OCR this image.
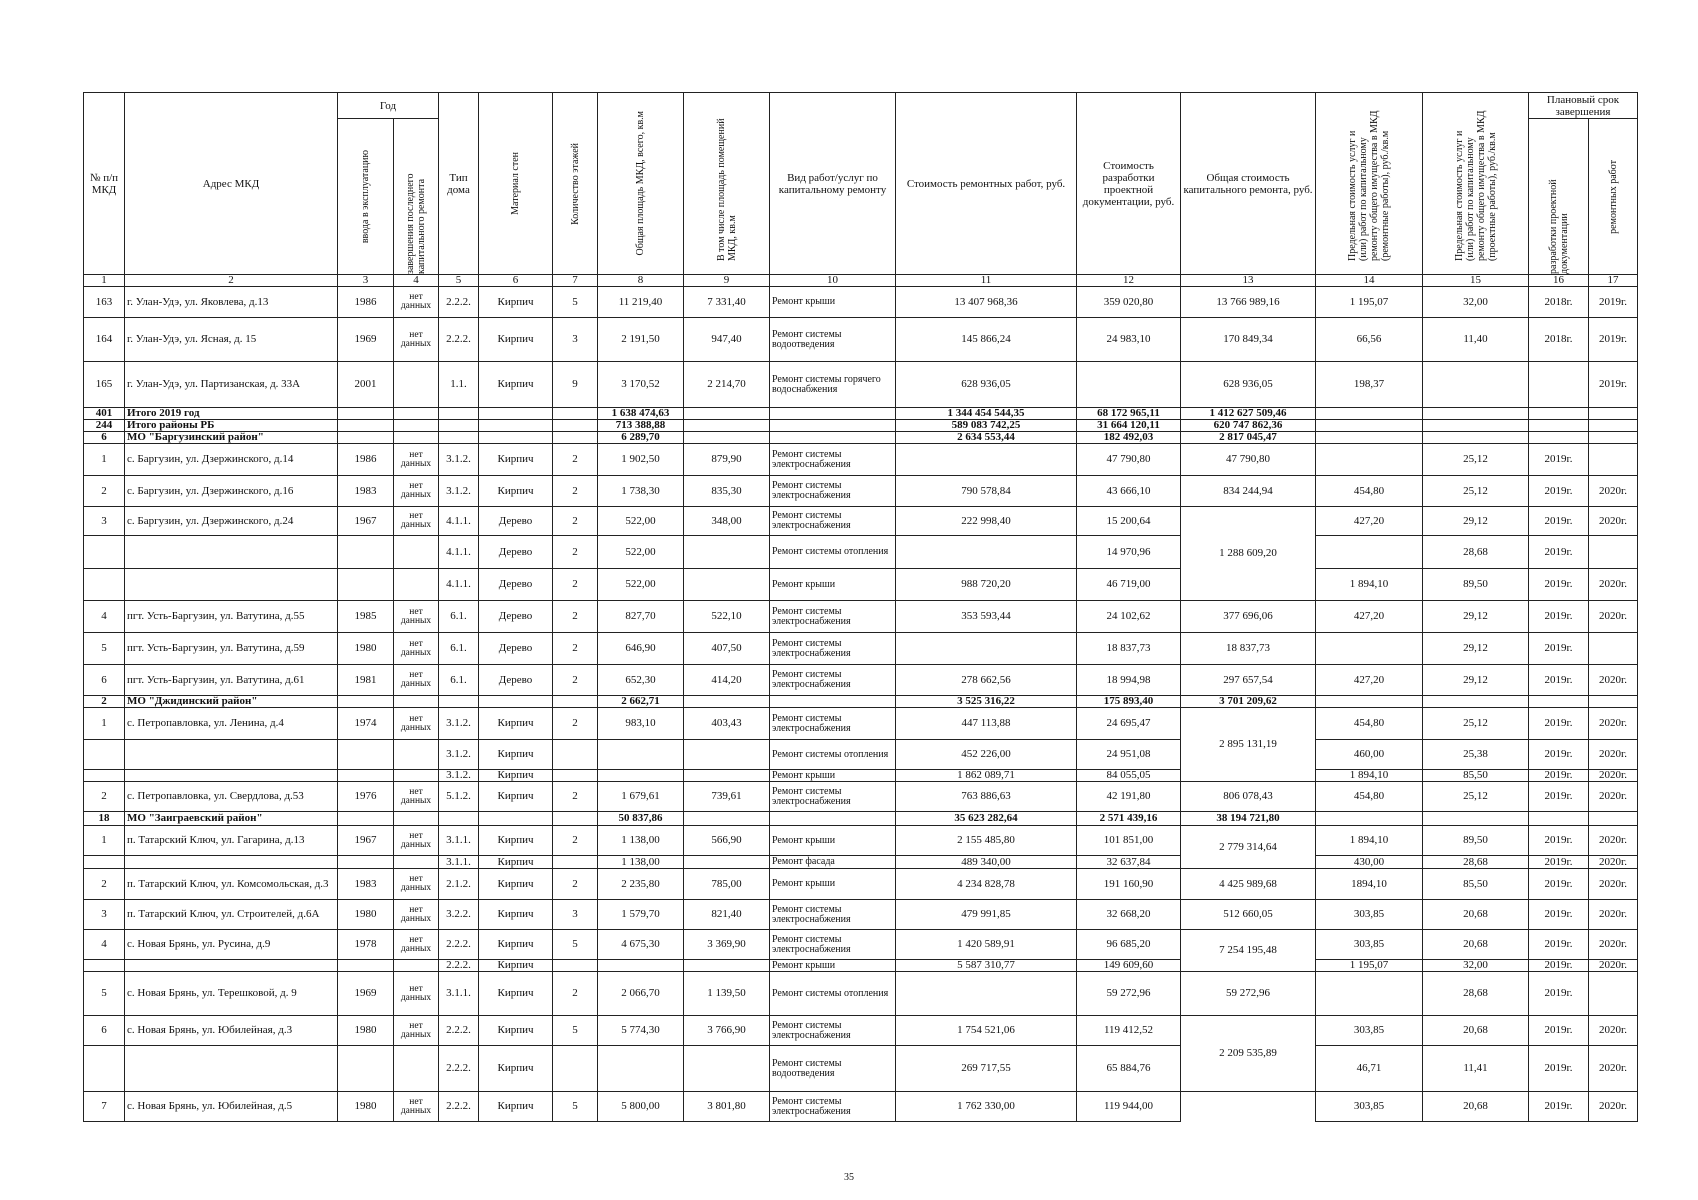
№ п/п МКД	Адрес МКД	Год		Тип дома	Материал стен	Количество этажей	Общая площадь МКД, всего, кв.м	В том числе площадь помещений МКД, кв.м	Вид работ/услуг по капитальному ремонту	Стоимость ремонтных работ, руб.	Стоимость разработки проектной документации, руб.	Общая стоимость капитального ремонта, руб.	Предельная стоимость услуг и (или) работ по капитальному ремонту общего имущества в МКД (ремонтные работы), руб./кв.м	Предельная стоимость услуг и (или) работ по капитальному ремонту общего имущества в МКД (проектные работы), руб./кв.м	Плановый срок завершения	

		ввода в эксплуатацию	завершения последнего капитального ремонта												разработки проектной документации	ремонтных работ

1	2	3	4	5	6	7	8	9	10	11	12	13	14	15	16	17
163	г. Улан-Удэ, ул. Яковлева, д.13	1986	нет данных	2.2.2.	Кирпич	5	11 219,40	7 331,40	Ремонт крыши	13 407 968,36	359 020,80	13 766 989,16	1 195,07	32,00	2018г.	2019г.
164	г. Улан-Удэ, ул. Ясная, д. 15	1969	нет данных	2.2.2.	Кирпич	3	2 191,50	947,40	Ремонт системы водоотведения	145 866,24	24 983,10	170 849,34	66,56	11,40	2018г.	2019г.
165	г. Улан-Удэ, ул. Партизанская, д. 33А	2001		1.1.	Кирпич	9	3 170,52	2 214,70	Ремонт системы горячего водоснабжения	628 936,05		628 936,05	198,37			2019г.
401	Итого 2019 год						1 638 474,63			1 344 454 544,35	68 172 965,11	1 412 627 509,46				
244	Итого районы РБ						713 388,88			589 083 742,25	31 664 120,11	620 747 862,36				
6	МО "Баргузинский район"						6 289,70			2 634 553,44	182 492,03	2 817 045,47				
1	с. Баргузин, ул. Дзержинского, д.14	1986	нет данных	3.1.2.	Кирпич	2	1 902,50	879,90	Ремонт системы электроснабжения		47 790,80	47 790,80		25,12	2019г.	
2	с. Баргузин, ул. Дзержинского, д.16	1983	нет данных	3.1.2.	Кирпич	2	1 738,30	835,30	Ремонт системы электроснабжения	790 578,84	43 666,10	834 244,94	454,80	25,12	2019г.	2020г.
3	с. Баргузин, ул. Дзержинского, д.24	1967	нет данных	4.1.1.	Дерево	2	522,00	348,00	Ремонт системы электроснабжения	222 998,40	15 200,64	1 288 609,20	427,20	29,12	2019г.	2020г.
				4.1.1.	Дерево	2	522,00		Ремонт системы отопления		14 970,96			28,68	2019г.	
				4.1.1.	Дерево	2	522,00		Ремонт крыши	988 720,20	46 719,00		1 894,10	89,50	2019г.	2020г.
4	пгт. Усть-Баргузин, ул. Ватутина, д.55	1985	нет данных	6.1.	Дерево	2	827,70	522,10	Ремонт системы электроснабжения	353 593,44	24 102,62	377 696,06	427,20	29,12	2019г.	2020г.
5	пгт. Усть-Баргузин, ул. Ватутина, д.59	1980	нет данных	6.1.	Дерево	2	646,90	407,50	Ремонт системы электроснабжения		18 837,73	18 837,73		29,12	2019г.	
6	пгт. Усть-Баргузин, ул. Ватутина, д.61	1981	нет данных	6.1.	Дерево	2	652,30	414,20	Ремонт системы электроснабжения	278 662,56	18 994,98	297 657,54	427,20	29,12	2019г.	2020г.
2	МО "Джидинский район"						2 662,71			3 525 316,22	175 893,40	3 701 209,62				
1	с. Петропавловка, ул. Ленина, д.4	1974	нет данных	3.1.2.	Кирпич	2	983,10	403,43	Ремонт системы электроснабжения	447 113,88	24 695,47	2 895 131,19	454,80	25,12	2019г.	2020г.
				3.1.2.	Кирпич				Ремонт системы отопления	452 226,00	24 951,08		460,00	25,38	2019г.	2020г.
				3.1.2.	Кирпич				Ремонт крыши	1 862 089,71	84 055,05		1 894,10	85,50	2019г.	2020г.
2	с. Петропавловка, ул. Свердлова, д.53	1976	нет данных	5.1.2.	Кирпич	2	1 679,61	739,61	Ремонт системы электроснабжения	763 886,63	42 191,80	806 078,43	454,80	25,12	2019г.	2020г.
18	МО "Заиграевский район"						50 837,86			35 623 282,64	2 571 439,16	38 194 721,80				
1	п. Татарский Ключ, ул. Гагарина, д.13	1967	нет данных	3.1.1.	Кирпич	2	1 138,00	566,90	Ремонт крыши	2 155 485,80	101 851,00	2 779 314,64	1 894,10	89,50	2019г.	2020г.
				3.1.1.	Кирпич		1 138,00		Ремонт фасада	489 340,00	32 637,84		430,00	28,68	2019г.	2020г.
2	п. Татарский Ключ, ул. Комсомольская, д.3	1983	нет данных	2.1.2.	Кирпич	2	2 235,80	785,00	Ремонт крыши	4 234 828,78	191 160,90	4 425 989,68	1894,10	85,50	2019г.	2020г.
3	п. Татарский Ключ, ул. Строителей, д.6А	1980	нет данных	3.2.2.	Кирпич	3	1 579,70	821,40	Ремонт системы электроснабжения	479 991,85	32 668,20	512 660,05	303,85	20,68	2019г.	2020г.
4	с. Новая Брянь, ул. Русина, д.9	1978	нет данных	2.2.2.	Кирпич	5	4 675,30	3 369,90	Ремонт системы электроснабжения	1 420 589,91	96 685,20	7 254 195,48	303,85	20,68	2019г.	2020г.
				2.2.2.	Кирпич				Ремонт крыши	5 587 310,77	149 609,60		1 195,07	32,00	2019г.	2020г.
5	с. Новая Брянь, ул. Терешковой, д. 9	1969	нет данных	3.1.1.	Кирпич	2	2 066,70	1 139,50	Ремонт системы отопления		59 272,96	59 272,96		28,68	2019г.	
6	с. Новая Брянь, ул. Юбилейная, д.3	1980	нет данных	2.2.2.	Кирпич	5	5 774,30	3 766,90	Ремонт системы электроснабжения	1 754 521,06	119 412,52	2 209 535,89	303,85	20,68	2019г.	2020г.
				2.2.2.	Кирпич				Ремонт системы водоотведения	269 717,55	65 884,76		46,71	11,41	2019г.	2020г.
7	с. Новая Брянь, ул. Юбилейная, д.5	1980	нет данных	2.2.2.	Кирпич	5	5 800,00	3 801,80	Ремонт системы электроснабжения	1 762 330,00	119 944,00		303,85	20,68	2019г.	2020г.
35
